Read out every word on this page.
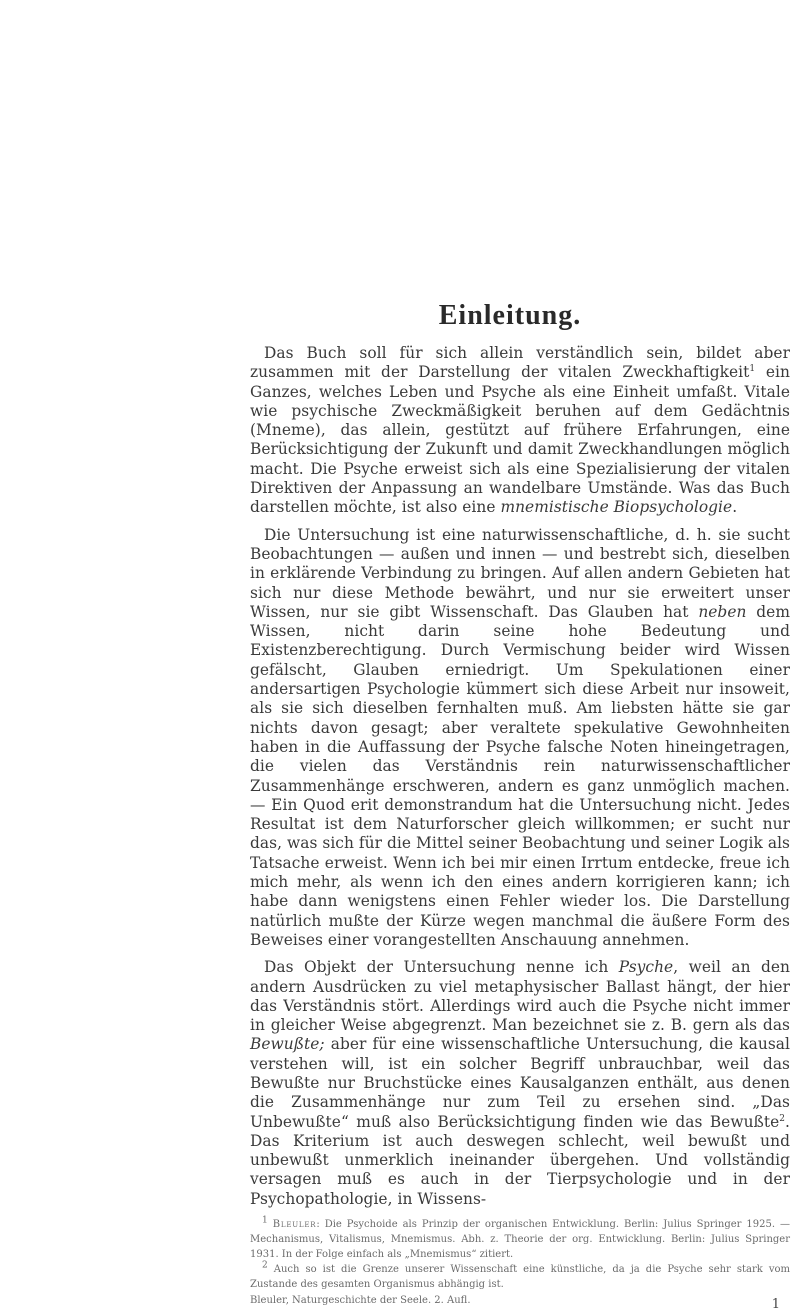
Einleitung.

Das Buch soll für sich allein verständlich sein, bildet aber zusammen mit der Darstellung der vitalen Zweckhaftigkeit$^1$ ein Ganzes, welches Leben und Psyche als eine Einheit umfaßt. Vitale wie psychische Zweckmäßigkeit beruhen auf dem Gedächtnis (Mneme), das allein, gestützt auf frühere Erfahrungen, eine Berücksichtigung der Zukunft und damit Zweckhandlungen möglich macht. Die Psyche erweist sich als eine Spezialisierung der vitalen Direktiven der Anpassung an wandelbare Umstände. Was das Buch darstellen möchte, ist also eine mnemistische Biopsychologie.

Die Untersuchung ist eine naturwissenschaftliche, d. h. sie sucht Beobachtungen — außen und innen — und bestrebt sich, dieselben in erklärende Verbindung zu bringen. Auf allen andern Gebieten hat sich nur diese Methode bewährt, und nur sie erweitert unser Wissen, nur sie gibt Wissenschaft. Das Glauben hat neben dem Wissen, nicht darin seine hohe Bedeutung und Existenzberechtigung. Durch Vermischung beider wird Wissen gefälscht, Glauben erniedrigt. Um Spekulationen einer andersartigen Psychologie kümmert sich diese Arbeit nur insoweit, als sie sich dieselben fernhalten muß. Am liebsten hätte sie gar nichts davon gesagt; aber veraltete spekulative Gewohnheiten haben in die Auffassung der Psyche falsche Noten hineingetragen, die vielen das Verständnis rein naturwissenschaftlicher Zusammenhänge erschweren, andern es ganz unmöglich machen. — Ein Quod erit demonstrandum hat die Untersuchung nicht. Jedes Resultat ist dem Naturforscher gleich willkommen; er sucht nur das, was sich für die Mittel seiner Beobachtung und seiner Logik als Tatsache erweist. Wenn ich bei mir einen Irrtum entdecke, freue ich mich mehr, als wenn ich den eines andern korrigieren kann; ich habe dann wenigstens einen Fehler wieder los. Die Darstellung natürlich mußte der Kürze wegen manchmal die äußere Form des Beweises einer vorangestellten Anschauung annehmen.

Das Objekt der Untersuchung nenne ich Psyche, weil an den andern Ausdrücken zu viel metaphysischer Ballast hängt, der hier das Verständnis stört. Allerdings wird auch die Psyche nicht immer in gleicher Weise abgegrenzt. Man bezeichnet sie z. B. gern als das Bewußte; aber für eine wissenschaftliche Untersuchung, die kausal verstehen will, ist ein solcher Begriff unbrauchbar, weil das Bewußte nur Bruchstücke eines Kausalganzen enthält, aus denen die Zusammenhänge nur zum Teil zu ersehen sind. „Das Unbewußte“ muß also Berücksichtigung finden wie das Bewußte$^2$. Das Kriterium ist auch deswegen schlecht, weil bewußt und unbewußt unmerklich ineinander übergehen. Und vollständig versagen muß es auch in der Tierpsychologie und in der Psychopathologie, in Wissens-

$^1$ Bleuler: Die Psychoide als Prinzip der organischen Entwicklung. Berlin: Julius Springer 1925. — Mechanismus, Vitalismus, Mnemismus. Abh. z. Theorie der org. Entwicklung. Berlin: Julius Springer 1931. In der Folge einfach als „Mnemismus“ zitiert.
$^2$ Auch so ist die Grenze unserer Wissenschaft eine künstliche, da ja die Psyche sehr stark vom Zustande des gesamten Organismus abhängig ist.
Bleuler, Naturgeschichte der Seele. 2. Aufl.	1
